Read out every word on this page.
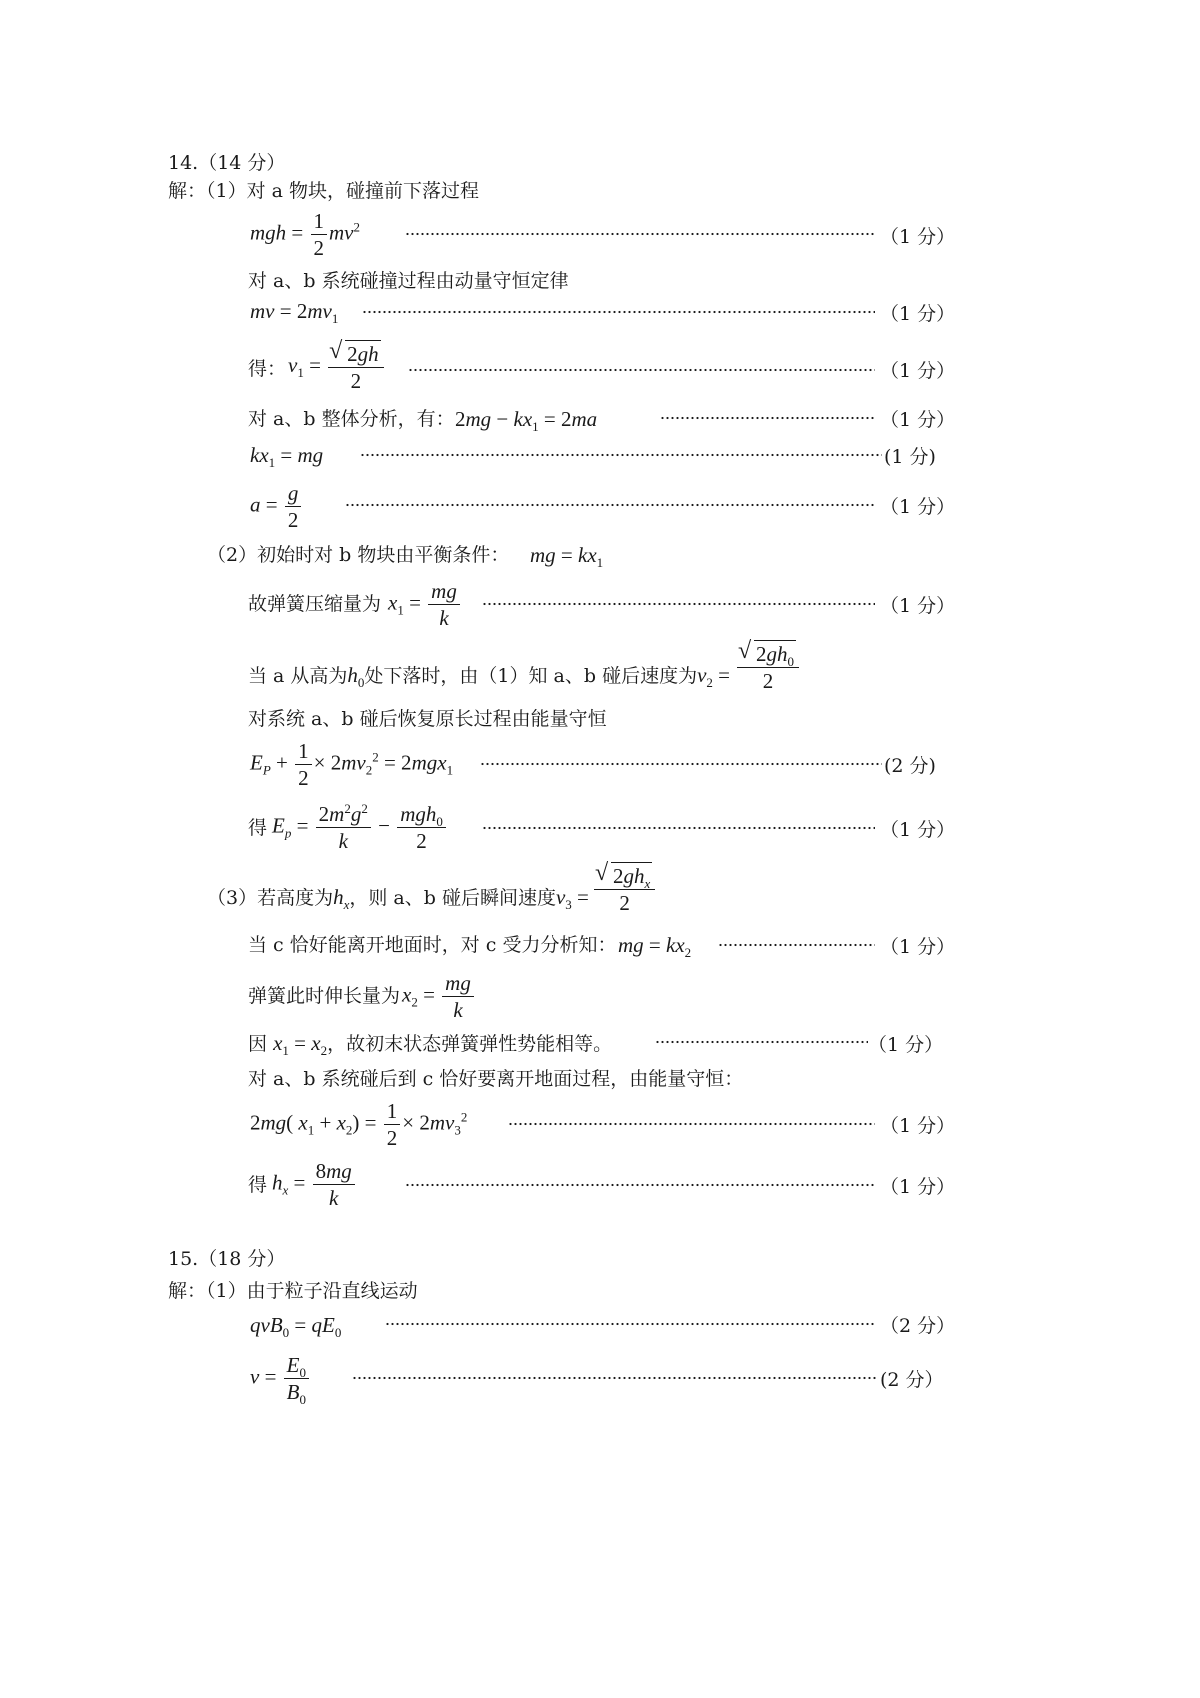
14.（14 分）
解：（1）对 a 物块，碰撞前下落过程
mgh = $\frac{1}{2} mv^2$	（1 分）
对 a、b 系统碰撞过程由动量守恒定律
mv = $2mv_1$	（1 分）
得： $v_1$ = √ $\frac{2gh}{2}$	（1 分）
对 a、b 整体分析，有： $2mg - kx_1 = 2ma$	（1 分）
$kx_1$ = mg	(1 分)
$a = \frac{g}{2}$	（1 分）
（2）初始时对 b 物块由平衡条件： mg = $kx_1$
故弹簧压缩量为 $x_1 = \frac{mg}{k}$	（1 分）
当 a 从高为$h_0$处下落时，由（1）知 a、b 碰后速度为$v_2$ = √ $\frac{2gh_0}{2}$
对系统 a、b 碰后恢复原长过程由能量守恒
$E_P + \frac{1}{2} \times 2mv_2^2 = 2mgx_1$	(2 分)
得 $E_p = \frac{2m^2g^2}{k} - \frac{mgh_0}{2}$	（1 分）
（3）若高度为$h_x$，则 a、b 碰后瞬间速度$v_3$ = √ $\frac{2gh_x}{2}$
当 c 恰好能离开地面时，对 c 受力分析知： mg = $kx_2$	（1 分）
弹簧此时伸长量为 $x_2 = \frac{mg}{k}$
因 $x_1 = x_2$，故初末状态弹簧弹性势能相等。	（1 分）
对 a、b 系统碰后到 c 恰好要离开地面过程，由能量守恒：
2mg( $x_1 + x_2) = \frac{1}{2} \times 2mv_3^2$	（1 分）
得 $h_x = \frac{8mg}{k}$	（1 分）
15.（18 分）
解：（1）由于粒子沿直线运动
$qvB_0 = qE_0$	（2 分）
$v = \frac{E_0}{B_0}$	(2 分）
